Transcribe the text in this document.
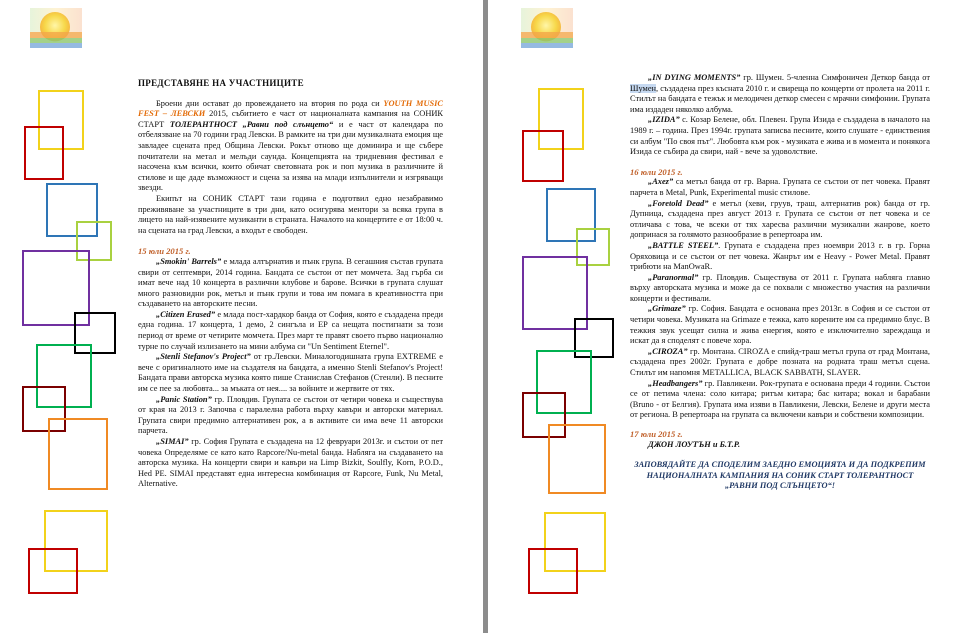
ПРЕДСТАВЯНЕ НА УЧАСТНИЦИТЕ

Броени дни остават до провеждането на втория по рода си YOUTH MUSIC FEST – ЛЕВСКИ 2015, събитието е част от националната кампания на СОНИК СТАРТ ТОЛЕРАНТНОСТ „Равни под слънцето“ и е част от календара по отбелязване на 70 години град Левски. В рамките на три дни музикалната емоция ще завладее сцената пред Община Левски. Рокът отново ще доминира и ще събере почитатели на метал и мелъди саунда. Концепцията на тридневния фестивал е насочена към всички, които обичат световната рок и поп музика в различните й стилове и ще даде възможност и сцена за изява на млади изпълнители и изгряващи звезди.

Екипът на СОНИК СТАРТ тази година е подготвил едно незабравимо преживяване за участниците в три дни, като осигурява ментори за всяка група в лицето на най-изявените музиканти в страната. Началото на концертите е от 18:00 ч. на сцената на град Левски, а входът е свободен.

15 юли 2015 г.

„Smokin' Barrels” е млада алтърнатив и пънк група. В сегашния състав групата свири от септември, 2014 година. Бандата се състои от пет момчета. Зад гърба си имат вече над 10 концерта в различни клубове и барове. Всички в групата слушат много разновидни рок, метъл и пънк групи и това им помага в креативността при създаването на авторските песни.

„Citizen Erased” е млада пост-хардкор банда от София, която е създадена преди една година. 17 концерта, 1 демо, 2 сингъла и ЕР са нещата постигнати за този период от време от четирите момчета. През март те правят своето първо национално турне по случай излизането на мини албума си "Un Sentiment Eternel".

„Stenli Stefanov's Project” от гр.Левски. Миналогодишната група EXTREME е вече с оригиналното име на създателя на бандата, а именно Stenli Stefanov's Project! Бандата прави авторска музика която пише Станислав Стефанов (Стенли). В песните им се пее за любовта... за мъката от нея.... за войните и жертвите от тях.

„Panic Station” гр. Пловдив. Групата се състои от четири човека и съществува от края на 2013 г. Започва с паралелна работа върху кавъри и авторски материал. Групата свири предимно алтернативен рок, а в активите си има вече 11 авторски парчета.

„SIMAI” гр. София Групата е създадена на 12 февруари 2013г. и състои от пет човека Определяме се като като Rapcore/Nu-metal банда. Набляга на създаването на авторска музика. На концерти свири и кавъри на Limp Bizkit, Soulfly, Korn, P.O.D., Hed PE. SIMAI представят една интересна комбинация от Rapcore, Funk, Nu Metal, Alternative.

„IN DYING MOMENTS” гр. Шумен. 5-членна Симфоничен Деткор банда от Шумен, създадена през късната 2010 г. и свиреща по концерти от пролета на 2011 г. Стилът на бандата е тежък и мелодичен деткор смесен с мрачни симфонии. Групата има издаден няколко албума.

„IZIDA” с. Козар Белене, обл. Плевен. Група Изида е създадена в началото на 1989 г. – година. През 1994г. групата записва песните, които слушате - единствения си албум "По своя път". Любовта към рок - музиката е жива и в момента и понякога Изида се събира да свири, най - вече за удоволствие.

16 юли 2015 г.

„Axez” са метъл банда от гр. Варна. Групата се състои от пет човека. Правят парчета в Metal, Punk, Experimental music стилове.

„Foretold Dead” е метъл (хеви, груув, траш, алтернатив рок) банда от гр. Дупница, създадена през август 2013 г. Групата се състои от пет човека и се отличава с това, че всеки от тях харесва различни музикални жанрове, което допринася за голямото разнообразие в репертоара им.

„BATTLE STEEL”. Групата е създадена през ноември 2013 г. в гр. Горна Оряховица и се състои от пет човека. Жанрът им е Heavy - Power Metal. Правят трибюти на ManOwaR.

„Paranormal” гр. Пловдив. Съществува от 2011 г. Групата наблягa главно върху авторската музика и може да се похвали с множество участия на различни концерти и фестивали.

„Grimaze” гр. София. Бандата е основана през 2013г. в София и се състои от четири човека. Музиката на Grimaze е тежка, като корените им са предимно блус. В тежкия звук усещат силна и жива енергия, която е изключително зареждаща и искат да я споделят с повече хора.

„CIROZA” гр. Монтана. CIROZA е спийд-траш метъл група от град Монтана, създадена през 2002г. Групата е добре позната на родната траш метъл сцена. Стилът им напомня METALLICA, BLACK SABBATH, SLAYER.

„Headbangers” гр. Павликени. Рок-групата е основана преди 4 години. Състои се от петима члена: соло китара; ритъм китара; бас китара; вокал и барабани (Bruno - от Белгия). Групата има изяви в Павликени, Левски, Белене и други места от региона. В репертоара на групата са включени кавъри и собствени композиции.

17 юли 2015 г.

ДЖОН ЛОУТЪН и Б.Т.Р.

ЗАПОВЯДАЙТЕ ДА СПОДЕЛИМ ЗАЕДНО ЕМОЦИЯТА И ДА ПОДКРЕПИМ НАЦИОНАЛНАТА КАМПАНИЯ НА СОНИК СТАРТ ТОЛЕРАНТНОСТ „РАВНИ ПОД СЛЪНЦЕТО“!
